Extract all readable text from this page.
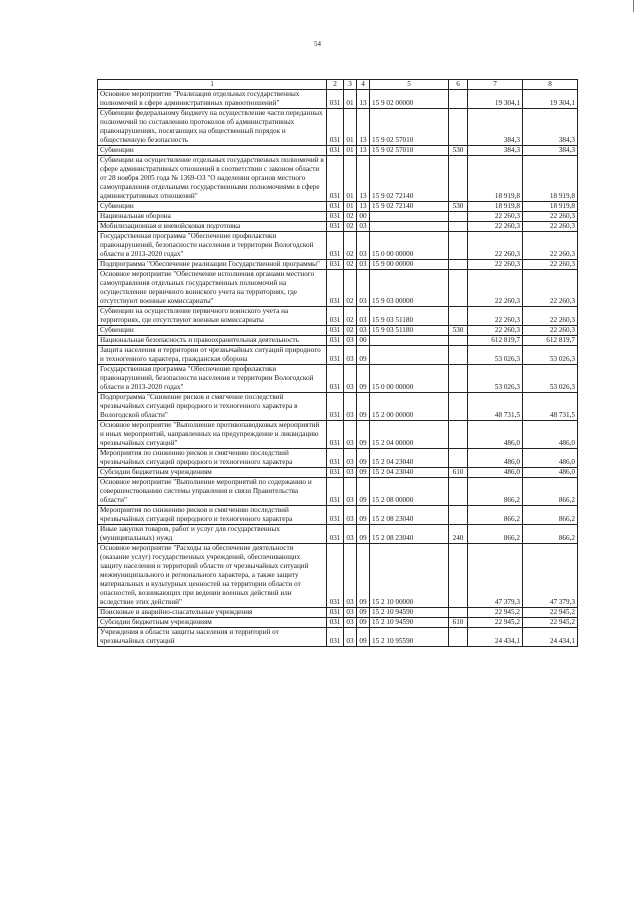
54
1	2	3	4	5	6	7	8
Основное мероприятие "Реализация отдельных государственных полномочий в сфере административных правоотношений"	031	01	13	15 9 02 00000		19 304,1	19 304,1
Субвенции федеральному бюджету на осуществление части переданных полномочий по составлению протоколов об административных правонарушениях, посягающих на общественный порядок и общественную безопасность	031	01	13	15 9 02 57010		384,3	384,3
Субвенции	031	01	13	15 9 02 57010	530	384,3	384,3
Субвенции на осуществление отдельных государственных полномочий в сфере административных отношений в соответствии с законом области от 28 ноября 2005 года № 1369-ОЗ "О наделении органов местного самоуправления отдельными государственными полномочиями в сфере административных отношений"	031	01	13	15 9 02 72140		18 919,8	18 919,8
Субвенции	031	01	13	15 9 02 72140	530	18 919,8	18 919,8
Национальная оборона	031	02	00			22 260,3	22 260,3
Мобилизационная и вневойсковая подготовка	031	02	03			22 260,3	22 260,3
Государственная программа "Обеспечение профилактики правонарушений, безопасности населения и территории Вологодской области в 2013-2020 годах"	031	02	03	15 0 00 00000		22 260,3	22 260,3
Подпрограмма "Обеспечение реализации Государственной программы"	031	02	03	15 9 00 00000		22 260,3	22 260,3
Основное мероприятие "Обеспечение исполнения органами местного самоуправления отдельных государственных полномочий на осуществление первичного воинского учета на территориях, где отсутствуют военные комиссариаты"	031	02	03	15 9 03 00000		22 260,3	22 260,3
Субвенции на осуществление первичного воинского учета на территориях, где отсутствуют военные комиссариаты	031	02	03	15 9 03 51180		22 260,3	22 260,3
Субвенции	031	02	03	15 9 03 51180	530	22 260,3	22 260,3
Национальная безопасность и правоохранительная деятельность	031	03	00			612 819,7	612 819,7
Защита населения и территории от чрезвычайных ситуаций природного и техногенного характера, гражданская оборона	031	03	09			53 026,3	53 026,3
Государственная программа "Обеспечение профилактики правонарушений, безопасности населения и территории Вологодской области в 2013-2020 годах"	031	03	09	15 0 00 00000		53 026,3	53 026,3
Подпрограмма "Снижение рисков и смягчение последствий чрезвычайных ситуаций природного и техногенного характера в Вологодской области"	031	03	09	15 2 00 00000		48 731,5	48 731,5
Основное мероприятие "Выполнение противопаводковых мероприятий и иных мероприятий, направленных на предупреждение и ликвидацию чрезвычайных ситуаций"	031	03	09	15 2 04 00000		486,0	486,0
Мероприятия по снижению рисков и смягчению последствий чрезвычайных ситуаций природного и техногенного характера	031	03	09	15 2 04 23040		486,0	486,0
Субсидии бюджетным учреждениям	031	03	09	15 2 04 23040	610	486,0	486,0
Основное мероприятие "Выполнение мероприятий по содержанию и совершенствованию системы управления и связи Правительства области"	031	03	09	15 2 08 00000		866,2	866,2
Мероприятия по снижению рисков и смягчению последствий чрезвычайных ситуаций природного и техногенного характера	031	03	09	15 2 08 23040		866,2	866,2
Иные закупки товаров, работ и услуг для государственных (муниципальных) нужд	031	03	09	15 2 08 23040	240	866,2	866,2
Основное мероприятие "Расходы на обеспечение деятельности (оказание услуг) государственных учреждений, обеспечивающих защиту населения и территорий области от чрезвычайных ситуаций межмуниципального и регионального характера, а также защиту материальных и культурных ценностей на территории области от опасностей, возникающих при ведении военных действий или вследствие этих действий"	031	03	09	15 2 10 00000		47 379,3	47 379,3
Поисковые и аварийно-спасательные учреждения	031	03	09	15 2 10 94590		22 945,2	22 945,2
Субсидии бюджетным учреждениям	031	03	09	15 2 10 94590	610	22 945,2	22 945,2
Учреждения в области защиты населения и территорий от чрезвычайных ситуаций	031	03	09	15 2 10 95590		24 434,1	24 434,1
